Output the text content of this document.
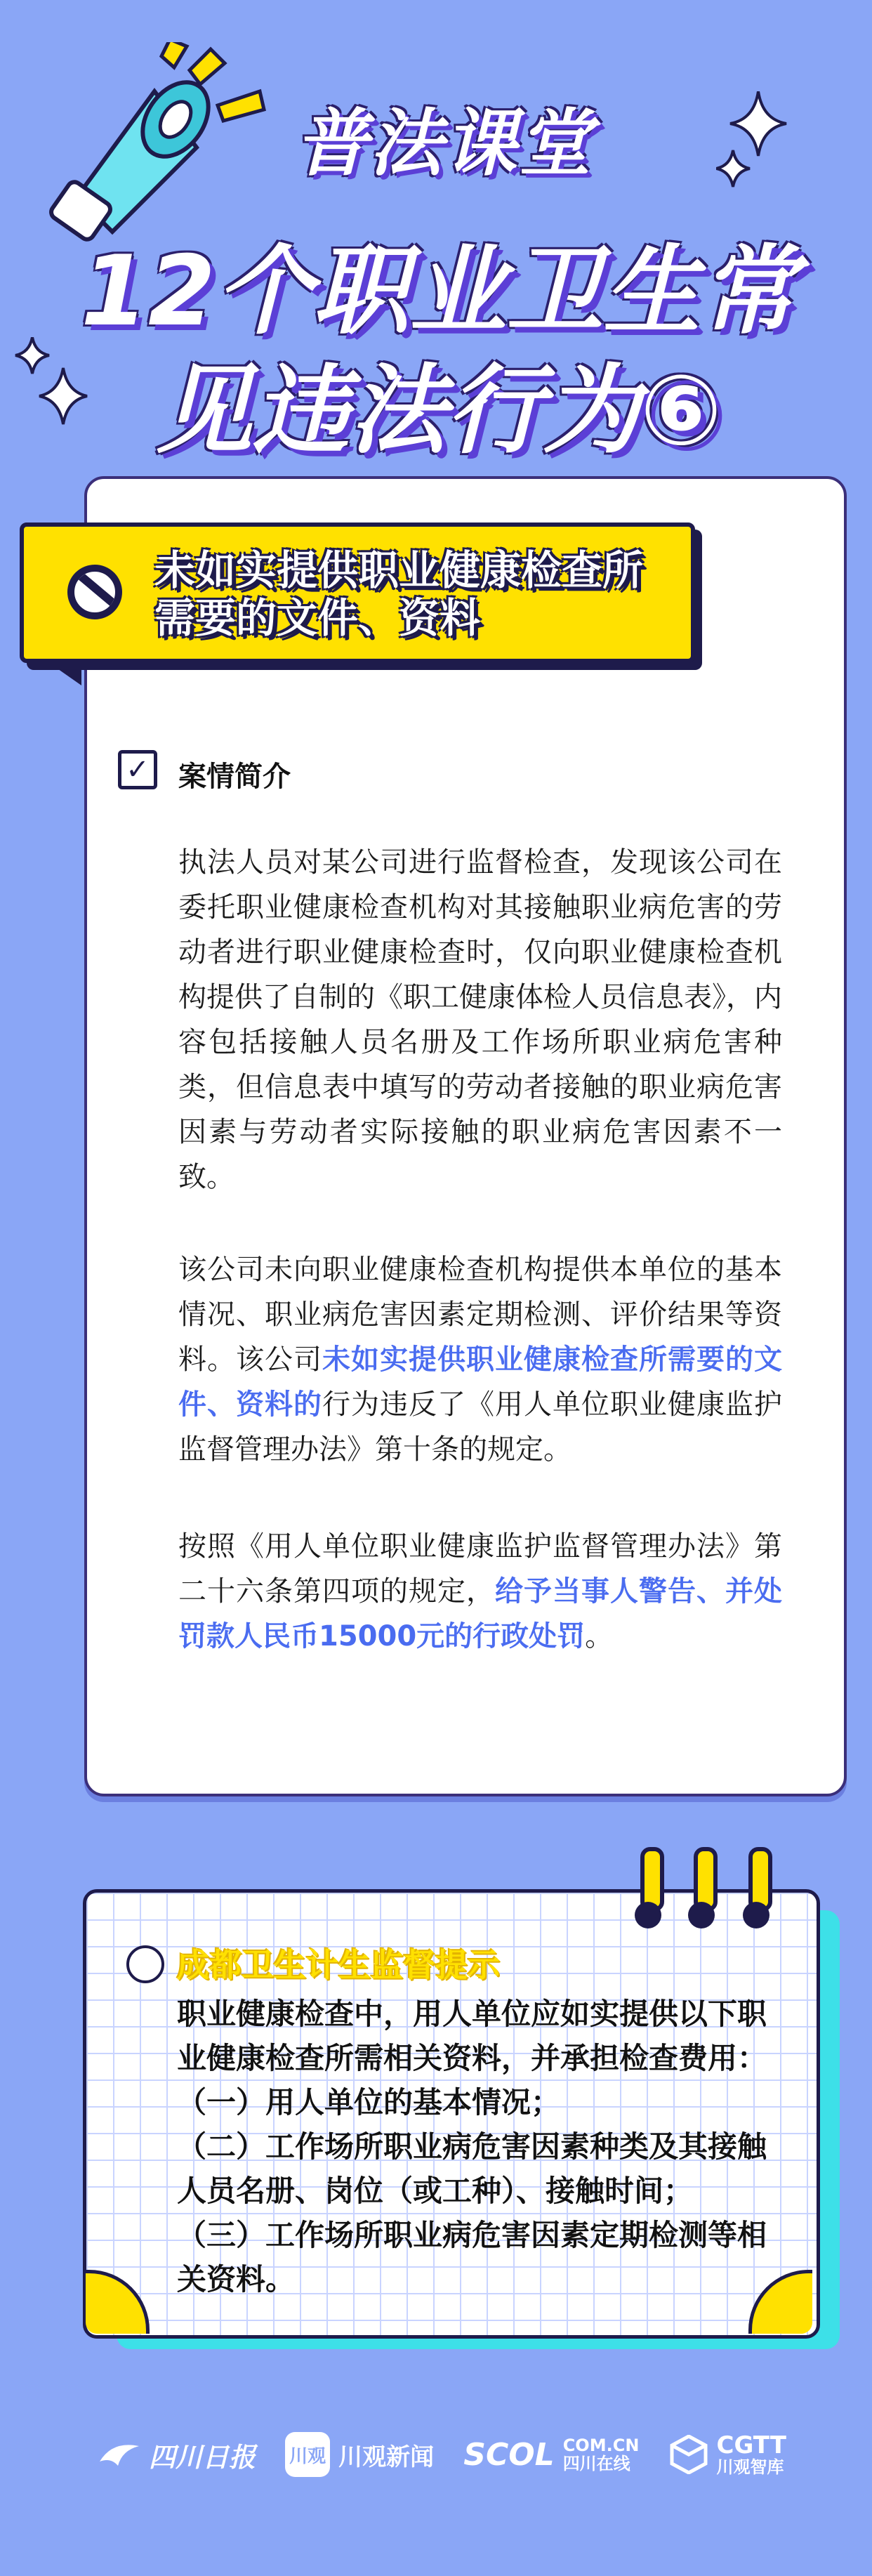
普法课堂
12个职业卫生常见违法行为⑥
未如实提供职业健康检查所需要的文件、资料
✓ 案情简介
执法人员对某公司进行监督检查，发现该公司在委托职业健康检查机构对其接触职业病危害的劳动者进行职业健康检查时，仅向职业健康检查机构提供了自制的《职工健康体检人员信息表》，内容包括接触人员名册及工作场所职业病危害种类，但信息表中填写的劳动者接触的职业病危害因素与劳动者实际接触的职业病危害因素不一致。
该公司未向职业健康检查机构提供本单位的基本情况、职业病危害因素定期检测、评价结果等资料。该公司未如实提供职业健康检查所需要的文件、资料的行为违反了《用人单位职业健康监护监督管理办法》第十条的规定。
按照《用人单位职业健康监护监督管理办法》第二十六条第四项的规定，给予当事人警告、并处罚款人民币15000元的行政处罚。
成都卫生计生监督提示
职业健康检查中，用人单位应如实提供以下职业健康检查所需相关资料，并承担检查费用：
（一）用人单位的基本情况；
（二）工作场所职业病危害因素种类及其接触人员名册、岗位（或工种）、接触时间；
（三）工作场所职业病危害因素定期检测等相关资料。
四川日报 川观 川观新闻 SCOL COM.CN
四川在线
CGTT
川观智库
